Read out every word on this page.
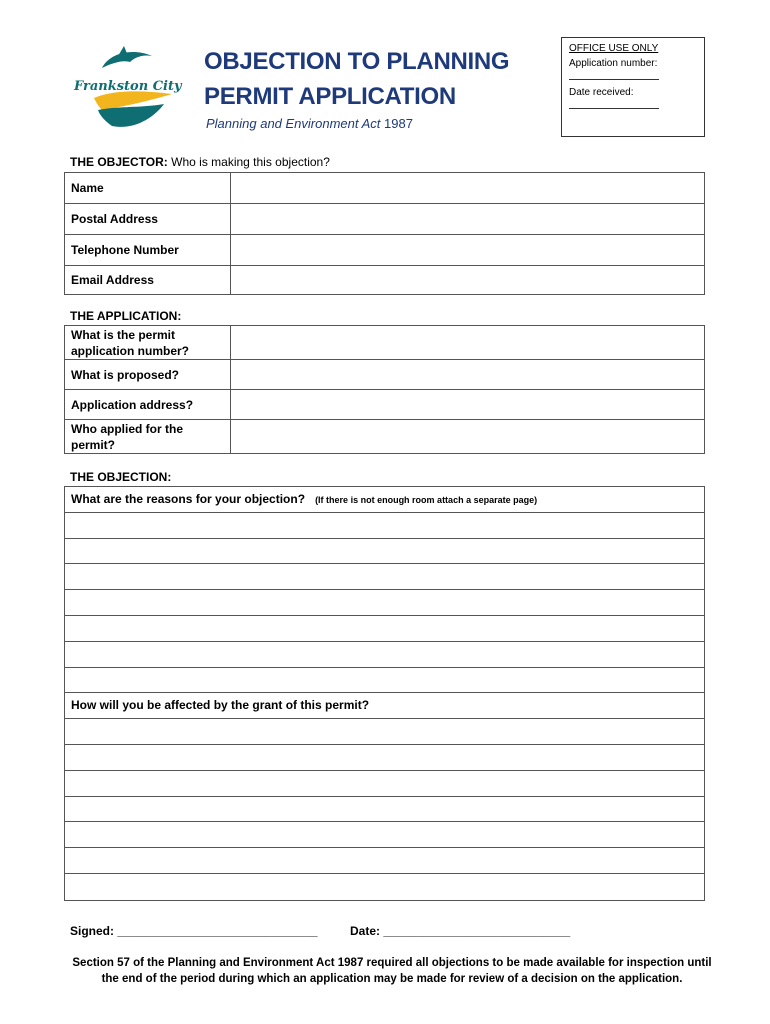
Frankston City
OBJECTION TO PLANNING
PERMIT APPLICATION
Planning and Environment Act 1987
OFFICE USE ONLY
Application number:
Date received:
THE OBJECTOR: Who is making this objection?
Name	
Postal Address	
Telephone Number	
Email Address	
THE APPLICATION:
What is the permit application number?	
What is proposed?	
Application address?	
Who applied for the permit?	
THE OBJECTION:
What are the reasons for your objection? (If there is not enough room attach a separate page)
How will you be affected by the grant of this permit?
Signed: ______________________________	Date: ____________________________
Section 57 of the Planning and Environment Act 1987 required all objections to be made available for inspection until the end of the period during which an application may be made for review of a decision on the application.
